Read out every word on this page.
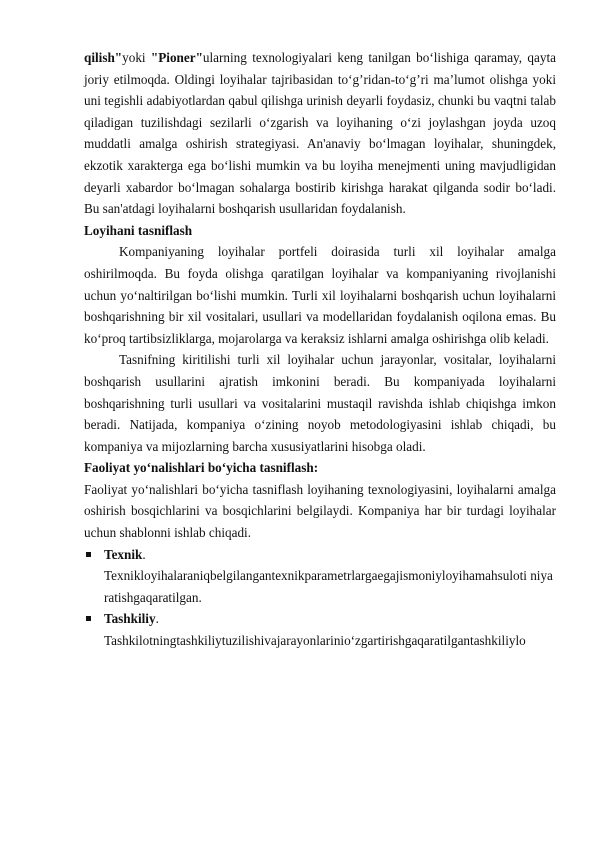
qilish"yoki "Pioner"ularning texnologiyalari keng tanilgan bo‘lishiga qaramay, qayta joriy etilmoqda. Oldingi loyihalar tajribasidan to‘g’ridan-to‘g’ri ma’lumot olishga yoki uni tegishli adabiyotlardan qabul qilishga urinish deyarli foydasiz, chunki bu vaqtni talab qiladigan tuzilishdagi sezilarli o‘zgarish va loyihaning o‘zi joylashgan joyda uzoq muddatli amalga oshirish strategiyasi. An'anaviy bo‘lmagan loyihalar, shuningdek, ekzotik xarakterga ega bo‘lishi mumkin va bu loyiha menejmenti uning mavjudligidan deyarli xabardor bo‘lmagan sohalarga bostirib kirishga harakat qilganda sodir bo‘ladi. Bu san'atdagi loyihalarni boshqarish usullaridan foydalanish.

Loyihani tasniflash

Kompaniyaning loyihalar portfeli doirasida turli xil loyihalar amalga oshirilmoqda. Bu foyda olishga qaratilgan loyihalar va kompaniyaning rivojlanishi uchun yo‘naltirilgan bo‘lishi mumkin. Turli xil loyihalarni boshqarish uchun loyihalarni boshqarishning bir xil vositalari, usullari va modellaridan foydalanish oqilona emas. Bu ko‘proq tartibsizliklarga, mojarolarga va keraksiz ishlarni amalga oshirishga olib keladi.

Tasnifning kiritilishi turli xil loyihalar uchun jarayonlar, vositalar, loyihalarni boshqarish usullarini ajratish imkonini beradi. Bu kompaniyada loyihalarni boshqarishning turli usullari va vositalarini mustaqil ravishda ishlab chiqishga imkon beradi. Natijada, kompaniya o‘zining noyob metodologiyasini ishlab chiqadi, bu kompaniya va mijozlarning barcha xususiyatlarini hisobga oladi.

Faoliyat yo‘nalishlari bo‘yicha tasniflash:

Faoliyat yo‘nalishlari bo‘yicha tasniflash loyihaning texnologiyasini, loyihalarni amalga oshirish bosqichlarini va bosqichlarini belgilaydi. Kompaniya har bir turdagi loyihalar uchun shablonni ishlab chiqadi.

Texnik.
Texnikloyihalaraniqbelgilangantexnikparametrlargaegajismoniyloyihamahsuloti niyaratishgaqaratilgan.
Tashkiliy.
Tashkilotningtashkiliytuzilishivajarayonlarinio‘zgartirishgaqaratilgantashkiliylo
